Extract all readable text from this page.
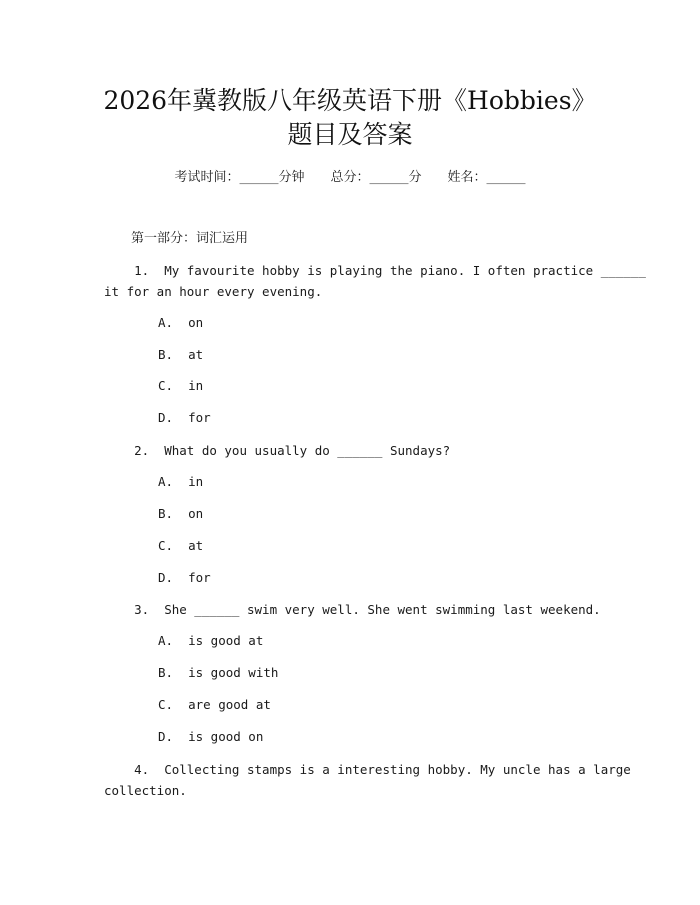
2026年冀教版八年级英语下册《Hobbies》
题目及答案
考试时间：______分钟 总分：______分 姓名：______
第一部分：词汇运用
1.  My favourite hobby is playing the piano. I often practice ______
it for an hour every evening.
A.  on
B.  at
C.  in
D.  for
2.  What do you usually do ______ Sundays?
A.  in
B.  on
C.  at
D.  for
3.  She ______ swim very well. She went swimming last weekend.
A.  is good at
B.  is good with
C.  are good at
D.  is good on
4.  Collecting stamps is a interesting hobby. My uncle has a large
collection.
